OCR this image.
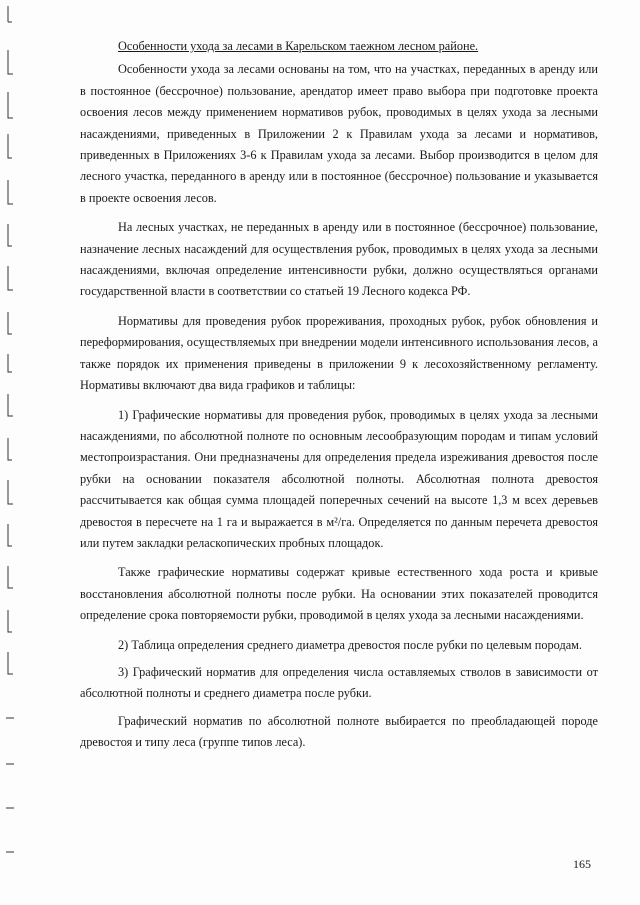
Особенности ухода за лесами в Карельском таежном лесном районе.

Особенности ухода за лесами основаны на том, что на участках, переданных в аренду или в постоянное (бессрочное) пользование, арендатор имеет право выбора при подготовке проекта освоения лесов между применением нормативов рубок, проводимых в целях ухода за лесными насаждениями, приведенных в Приложении 2 к Правилам ухода за лесами и нормативов, приведенных в Приложениях 3-6 к Правилам ухода за лесами. Выбор производится в целом для лесного участка, переданного в аренду или в постоянное (бессрочное) пользование и указывается в проекте освоения лесов.

На лесных участках, не переданных в аренду или в постоянное (бессрочное) пользование, назначение лесных насаждений для осуществления рубок, проводимых в целях ухода за лесными насаждениями, включая определение интенсивности рубки, должно осуществляться органами государственной власти в соответствии со статьей 19 Лесного кодекса РФ.

Нормативы для проведения рубок прореживания, проходных рубок, рубок обновления и переформирования, осуществляемых при внедрении модели интенсивного использования лесов, а также порядок их применения приведены в приложении 9 к лесохозяйственному регламенту. Нормативы включают два вида графиков и таблицы:

1) Графические нормативы для проведения рубок, проводимых в целях ухода за лесными насаждениями, по абсолютной полноте по основным лесообразующим породам и типам условий местопроизрастания. Они предназначены для определения предела изреживания древостоя после рубки на основании показателя абсолютной полноты. Абсолютная полнота древостоя рассчитывается как общая сумма площадей поперечных сечений на высоте 1,3 м всех деревьев древостоя в пересчете на 1 га и выражается в м²/га. Определяется по данным перечета древостоя или путем закладки реласкопических пробных площадок.

Также графические нормативы содержат кривые естественного хода роста и кривые восстановления абсолютной полноты после рубки. На основании этих показателей проводится определение срока повторяемости рубки, проводимой в целях ухода за лесными насаждениями.

2) Таблица определения среднего диаметра древостоя после рубки по целевым породам.

3) Графический норматив для определения числа оставляемых стволов в зависимости от абсолютной полноты и среднего диаметра после рубки.

Графический норматив по абсолютной полноте выбирается по преобладающей породе древостоя и типу леса (группе типов леса).

165
